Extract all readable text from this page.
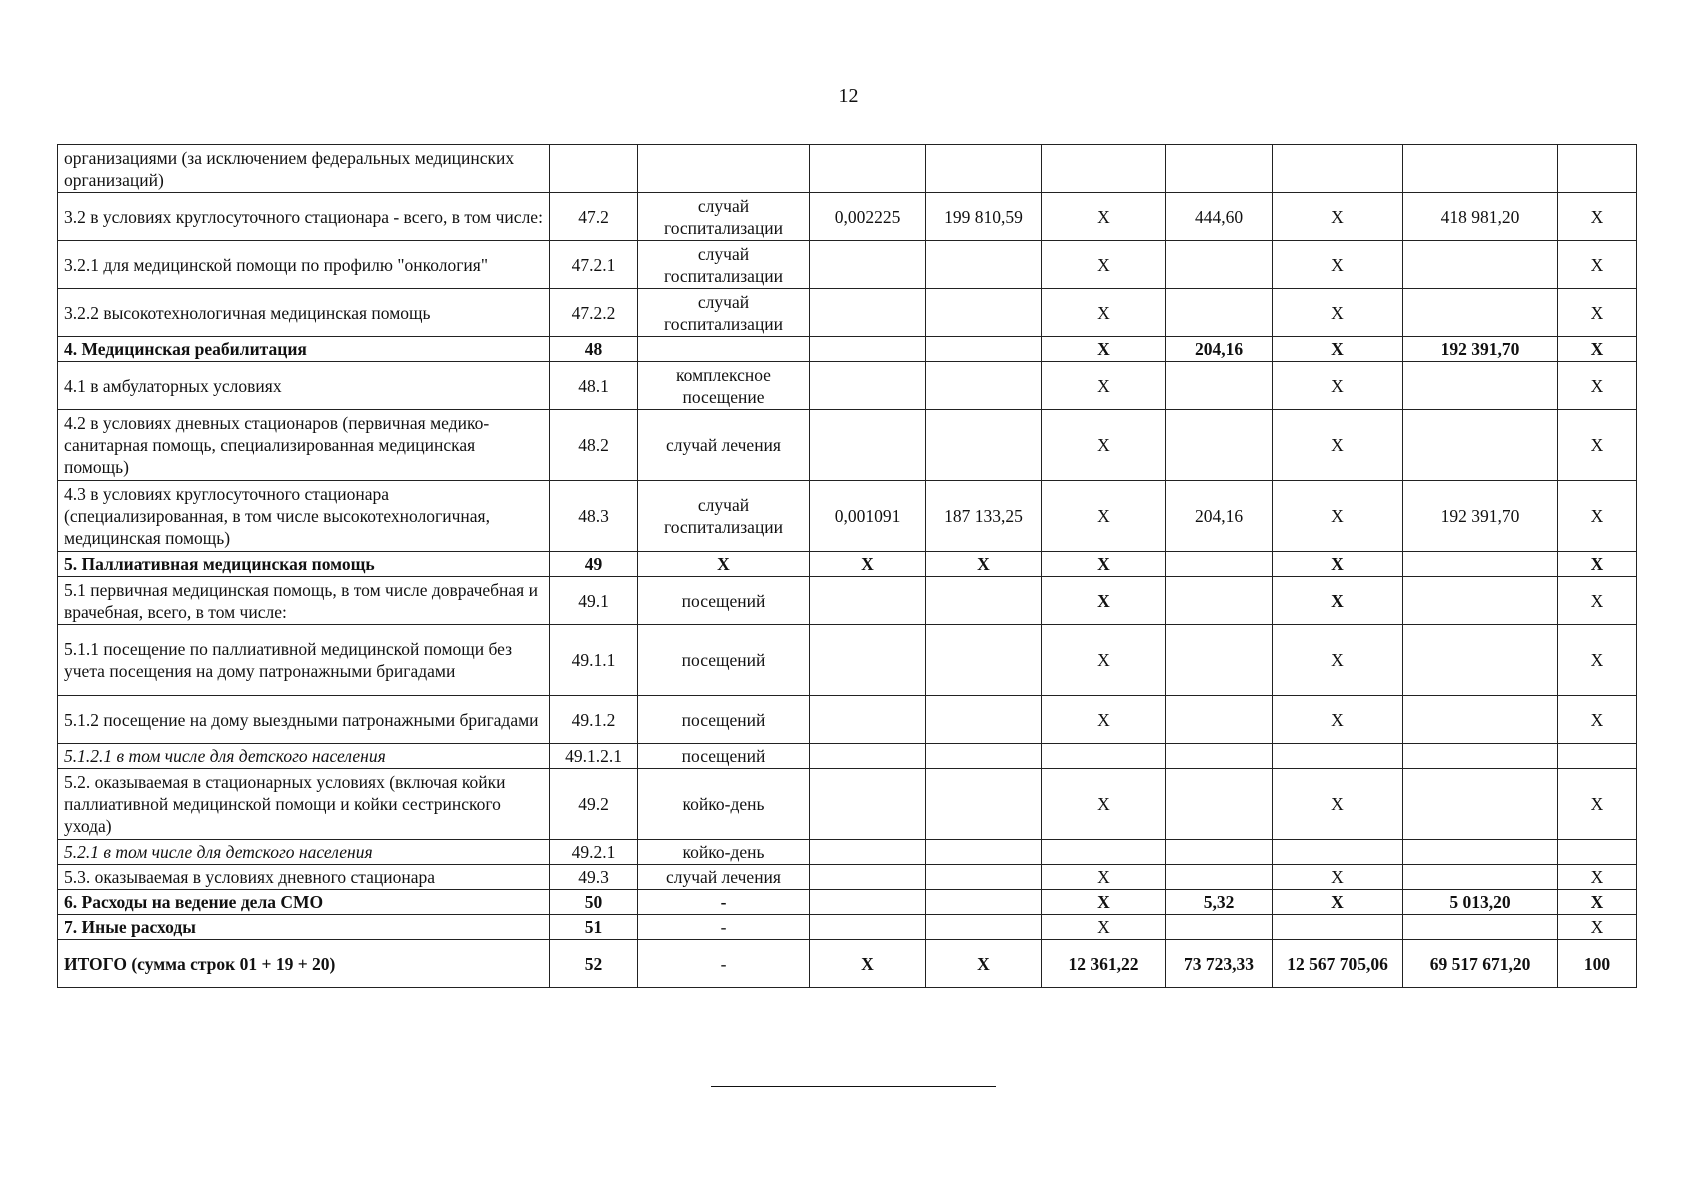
12
организациями (за исключением федеральных медицинских организаций)									
3.2 в условиях круглосуточного стационара - всего, в том числе:	47.2	случай госпитализации	0,002225	199 810,59	X	444,60	X	418 981,20	X
3.2.1 для медицинской помощи по профилю "онкология"	47.2.1	случай госпитализации			X		X		X
3.2.2 высокотехнологичная медицинская помощь	47.2.2	случай госпитализации			X		X		X
4. Медицинская реабилитация	48				X	204,16	X	192 391,70	X
4.1 в амбулаторных условиях	48.1	комплексное посещение			X		X		X
4.2 в условиях дневных стационаров (первичная медико-санитарная помощь, специализированная медицинская помощь)	48.2	случай лечения			X		X		X
4.3 в условиях круглосуточного стационара (специализированная, в том числе высокотехнологичная, медицинская помощь)	48.3	случай госпитализации	0,001091	187 133,25	X	204,16	X	192 391,70	X
5. Паллиативная медицинская помощь	49	X	X	X	X		X		X
5.1 первичная медицинская помощь, в том числе доврачебная и врачебная, всего, в том числе:	49.1	посещений			X		X		X
5.1.1 посещение по паллиативной медицинской помощи без учета посещения на дому патронажными бригадами	49.1.1	посещений			X		X		X
5.1.2 посещение на дому выездными патронажными бригадами	49.1.2	посещений			X		X		X
5.1.2.1 в том числе для детского населения	49.1.2.1	посещений							
5.2. оказываемая в стационарных условиях (включая койки паллиативной медицинской помощи и койки сестринского ухода)	49.2	койко-день			X		X		X
5.2.1 в том числе для детского населения	49.2.1	койко-день							
5.3. оказываемая в условиях дневного стационара	49.3	случай лечения			X		X		X
6. Расходы на ведение дела СМО	50	-			X	5,32	X	5 013,20	X
7. Иные расходы	51	-			X				X
ИТОГО (сумма строк 01 + 19 + 20)	52	-	X	X	12 361,22	73 723,33	12 567 705,06	69 517 671,20	100
